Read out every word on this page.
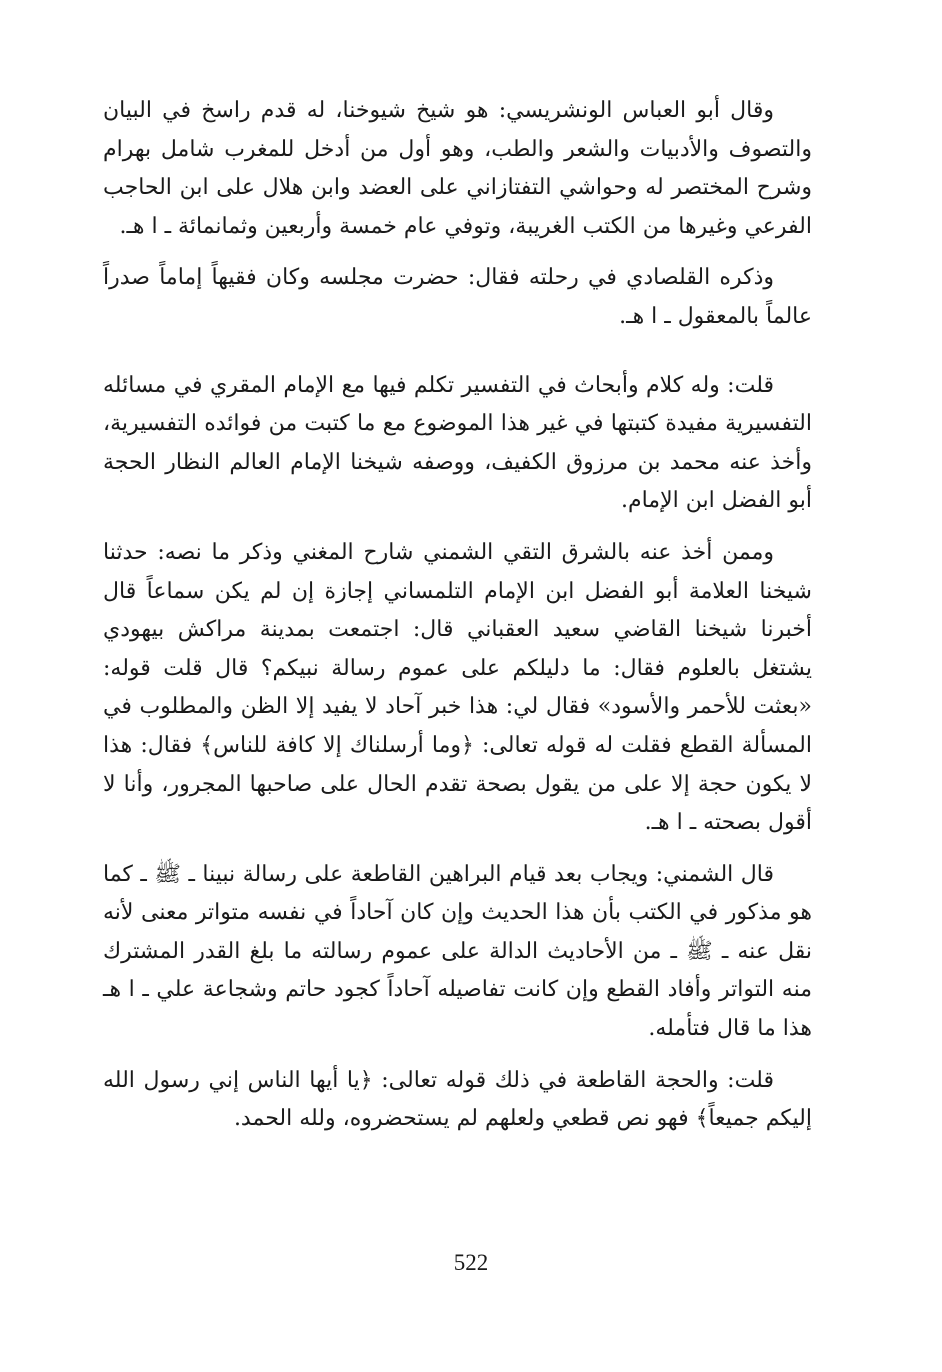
وقال أبو العباس الونشريسي: هو شيخ شيوخنا، له قدم راسخ في البيان والتصوف والأدبيات والشعر والطب، وهو أول من أدخل للمغرب شامل بهرام وشرح المختصر له وحواشي التفتازاني على العضد وابن هلال على ابن الحاجب الفرعي وغيرها من الكتب الغريبة، وتوفي عام خمسة وأربعين وثمانمائة ـ ا هـ.

وذكره القلصادي في رحلته فقال: حضرت مجلسه وكان فقيهاً إماماً صدراً عالماً بالمعقول ـ ا هـ.

قلت: وله كلام وأبحاث في التفسير تكلم فيها مع الإمام المقري في مسائله التفسيرية مفيدة كتبتها في غير هذا الموضوع مع ما كتبت من فوائده التفسيرية، وأخذ عنه محمد بن مرزوق الكفيف، ووصفه شيخنا الإمام العالم النظار الحجة أبو الفضل ابن الإمام.

وممن أخذ عنه بالشرق التقي الشمني شارح المغني وذكر ما نصه: حدثنا شيخنا العلامة أبو الفضل ابن الإمام التلمساني إجازة إن لم يكن سماعاً قال أخبرنا شيخنا القاضي سعيد العقباني قال: اجتمعت بمدينة مراكش بيهودي يشتغل بالعلوم فقال: ما دليلكم على عموم رسالة نبيكم؟ قال قلت قوله: «بعثت للأحمر والأسود» فقال لي: هذا خبر آحاد لا يفيد إلا الظن والمطلوب في المسألة القطع فقلت له قوله تعالى: ﴿وما أرسلناك إلا كافة للناس﴾ فقال: هذا لا يكون حجة إلا على من يقول بصحة تقدم الحال على صاحبها المجرور، وأنا لا أقول بصحته ـ ا هـ.

قال الشمني: ويجاب بعد قيام البراهين القاطعة على رسالة نبينا ـ ﷺ ـ كما هو مذكور في الكتب بأن هذا الحديث وإن كان آحاداً في نفسه متواتر معنى لأنه نقل عنه ـ ﷺ ـ من الأحاديث الدالة على عموم رسالته ما بلغ القدر المشترك منه التواتر وأفاد القطع وإن كانت تفاصيله آحاداً كجود حاتم وشجاعة علي ـ ا هـ هذا ما قال فتأمله.

قلت: والحجة القاطعة في ذلك قوله تعالى: ﴿يا أيها الناس إني رسول الله إليكم جميعاً﴾ فهو نص قطعي ولعلهم لم يستحضروه، ولله الحمد.

522
